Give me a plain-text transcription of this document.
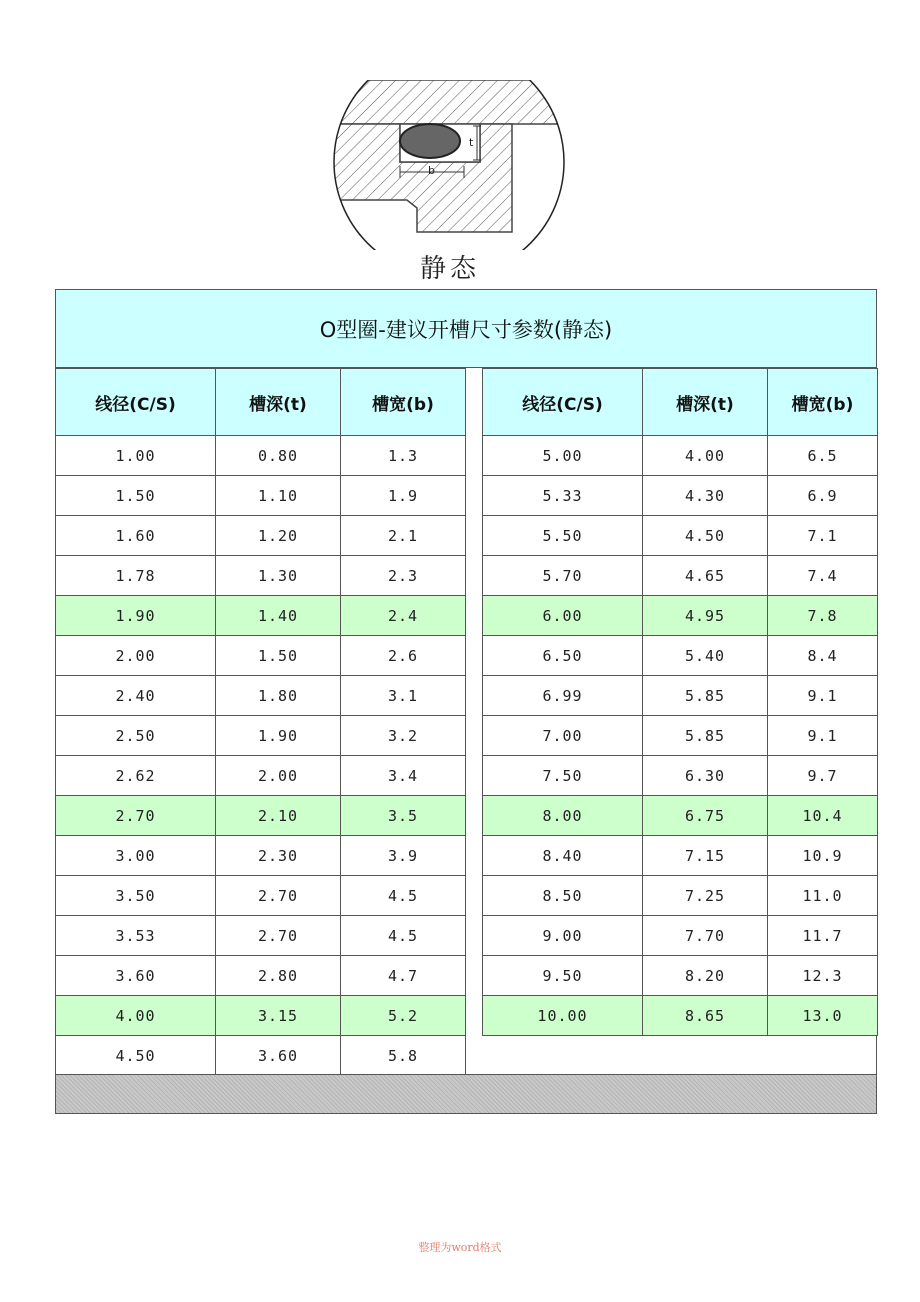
t
b
静态
O型圈-建议开槽尺寸参数(静态)
线径(C/S)	槽深(t)	槽宽(b)
1.00	0.80	1.3
1.50	1.10	1.9
1.60	1.20	2.1
1.78	1.30	2.3
1.90	1.40	2.4
2.00	1.50	2.6
2.40	1.80	3.1
2.50	1.90	3.2
2.62	2.00	3.4
2.70	2.10	3.5
3.00	2.30	3.9
3.50	2.70	4.5
3.53	2.70	4.5
3.60	2.80	4.7
4.00	3.15	5.2
4.50	3.60	5.8
线径(C/S)	槽深(t)	槽宽(b)
5.00	4.00	6.5
5.33	4.30	6.9
5.50	4.50	7.1
5.70	4.65	7.4
6.00	4.95	7.8
6.50	5.40	8.4
6.99	5.85	9.1
7.00	5.85	9.1
7.50	6.30	9.7
8.00	6.75	10.4
8.40	7.15	10.9
8.50	7.25	11.0
9.00	7.70	11.7
9.50	8.20	12.3
10.00	8.65	13.0
整理为word格式
